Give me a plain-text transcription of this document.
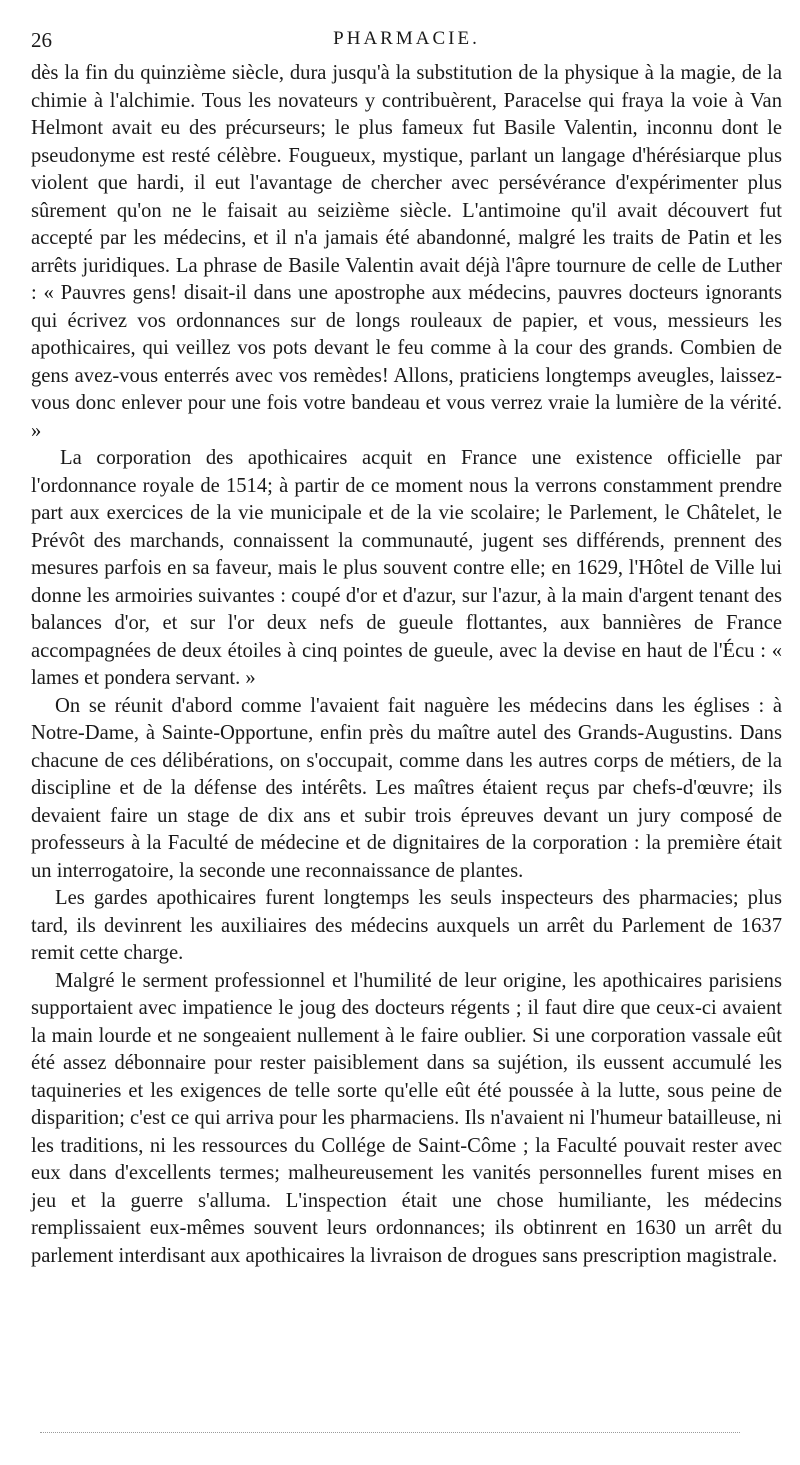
26	PHARMACIE.

dès la fin du quinzième siècle, dura jusqu'à la substitution de la physique à la magie, de la chimie à l'alchimie. Tous les novateurs y contribuèrent, Paracelse qui fraya la voie à Van Helmont avait eu des précurseurs; le plus fameux fut Basile Valentin, inconnu dont le pseudonyme est resté célèbre. Fougueux, mystique, parlant un langage d'hérésiarque plus violent que hardi, il eut l'avantage de chercher avec persévérance d'expérimenter plus sûrement qu'on ne le faisait au seizième siècle. L'antimoine qu'il avait découvert fut accepté par les médecins, et il n'a jamais été abandonné, malgré les traits de Patin et les arrêts juridiques. La phrase de Basile Valentin avait déjà l'âpre tournure de celle de Luther : « Pauvres gens! disait-il dans une apostrophe aux médecins, pauvres docteurs ignorants qui écrivez vos ordonnances sur de longs rouleaux de papier, et vous, messieurs les apothicaires, qui veillez vos pots devant le feu comme à la cour des grands. Combien de gens avez-vous enterrés avec vos remèdes! Allons, praticiens longtemps aveugles, laissez-vous donc enlever pour une fois votre bandeau et vous verrez vraie la lumière de la vérité. »

La corporation des apothicaires acquit en France une existence officielle par l'ordonnance royale de 1514; à partir de ce moment nous la verrons constamment prendre part aux exercices de la vie municipale et de la vie scolaire; le Parlement, le Châtelet, le Prévôt des marchands, connaissent la communauté, jugent ses différends, prennent des mesures parfois en sa faveur, mais le plus souvent contre elle; en 1629, l'Hôtel de Ville lui donne les armoiries suivantes : coupé d'or et d'azur, sur l'azur, à la main d'argent tenant des balances d'or, et sur l'or deux nefs de gueule flottantes, aux bannières de France accompagnées de deux étoiles à cinq pointes de gueule, avec la devise en haut de l'Écu : « lames et pondera servant. »

On se réunit d'abord comme l'avaient fait naguère les médecins dans les églises : à Notre-Dame, à Sainte-Opportune, enfin près du maître autel des Grands-Augustins. Dans chacune de ces délibérations, on s'occupait, comme dans les autres corps de métiers, de la discipline et de la défense des intérêts. Les maîtres étaient reçus par chefs-d'œuvre; ils devaient faire un stage de dix ans et subir trois épreuves devant un jury composé de professeurs à la Faculté de médecine et de dignitaires de la corporation : la première était un interrogatoire, la seconde une reconnaissance de plantes.

Les gardes apothicaires furent longtemps les seuls inspecteurs des pharmacies; plus tard, ils devinrent les auxiliaires des médecins auxquels un arrêt du Parlement de 1637 remit cette charge.

Malgré le serment professionnel et l'humilité de leur origine, les apothicaires parisiens supportaient avec impatience le joug des docteurs régents ; il faut dire que ceux-ci avaient la main lourde et ne songeaient nullement à le faire oublier. Si une corporation vassale eût été assez débonnaire pour rester paisiblement dans sa sujétion, ils eussent accumulé les taquineries et les exigences de telle sorte qu'elle eût été poussée à la lutte, sous peine de disparition; c'est ce qui arriva pour les pharmaciens. Ils n'avaient ni l'humeur batailleuse, ni les traditions, ni les ressources du Collége de Saint-Côme ; la Faculté pouvait rester avec eux dans d'excellents termes; malheureusement les vanités personnelles furent mises en jeu et la guerre s'alluma. L'inspection était une chose humiliante, les médecins remplissaient eux-mêmes souvent leurs ordonnances; ils obtinrent en 1630 un arrêt du parlement interdisant aux apothicaires la livraison de drogues sans prescription magistrale.
